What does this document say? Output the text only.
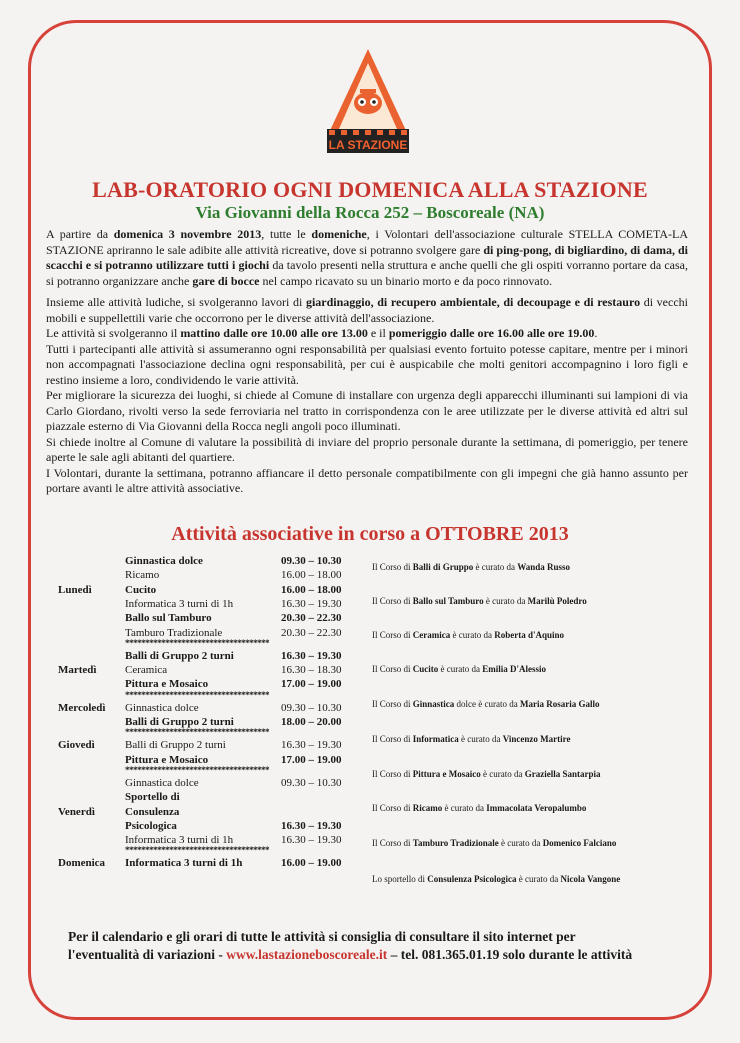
LA STAZIONE
LAB-ORATORIO OGNI DOMENICA ALLA STAZIONE
Via Giovanni della Rocca 252 – Boscoreale (NA)

A partire da domenica 3 novembre 2013, tutte le domeniche, i Volontari dell'associazione culturale STELLA COMETA-LA STAZIONE apriranno le sale adibite alle attività ricreative, dove si potranno svolgere gare di ping-pong, di bigliardino, di dama, di scacchi e si potranno utilizzare tutti i giochi da tavolo presenti nella struttura e anche quelli che gli ospiti vorranno portare da casa, si potranno organizzare anche gare di bocce nel campo ricavato su un binario morto e da poco rinnovato.

Insieme alle attività ludiche, si svolgeranno lavori di giardinaggio, di recupero ambientale, di decoupage e di restauro di vecchi mobili e suppellettili varie che occorrono per le diverse attività dell'associazione.

Le attività si svolgeranno il mattino dalle ore 10.00 alle ore 13.00 e il pomeriggio dalle ore 16.00 alle ore 19.00.

Tutti i partecipanti alle attività si assumeranno ogni responsabilità per qualsiasi evento fortuito potesse capitare, mentre per i minori non accompagnati l'associazione declina ogni responsabilità, per cui è auspicabile che molti genitori accompagnino i loro figli e restino insieme a loro, condividendo le varie attività.

Per migliorare la sicurezza dei luoghi, si chiede al Comune di installare con urgenza degli apparecchi illuminanti sui lampioni di via Carlo Giordano, rivolti verso la sede ferroviaria nel tratto in corrispondenza con le aree utilizzate per le diverse attività ed altri sul piazzale esterno di Via Giovanni della Rocca negli angoli poco illuminati.

Si chiede inoltre al Comune di valutare la possibilità di inviare del proprio personale durante la settimana, di pomeriggio, per tenere aperte le sale agli abitanti del quartiere.

I Volontari, durante la settimana, potranno affiancare il detto personale compatibilmente con gli impegni che già hanno assunto per portare avanti le altre attività associative.

Attività associative in corso a OTTOBRE 2013
Ginnastica dolce	09.30 – 10.30
Ricamo	16.00 – 18.00
Lunedì	Cucito	16.00 – 18.00
Informatica 3 turni di 1h	16.30 – 19.30
Ballo sul Tamburo	20.30 – 22.30
Tamburo Tradizionale	20.30 – 22.30
************************************
Balli di Gruppo 2 turni	16.30 – 19.30
Martedì	Ceramica	16.30 – 18.30
Pittura e Mosaico	17.00 – 19.00
************************************
Mercoledì	Ginnastica dolce	09.30 – 10.30
Balli di Gruppo 2 turni	18.00 – 20.00
************************************
Giovedì	Balli di Gruppo 2 turni	16.30 – 19.30
Pittura e Mosaico	17.00 – 19.00
************************************
Ginnastica dolce	09.30 – 10.30
Sportello di
Venerdì	Consulenza
Psicologica	16.30 – 19.30
Informatica 3 turni di 1h	16.30 – 19.30
************************************
Domenica	Informatica 3 turni di 1h	16.00 – 19.00
Il Corso di Balli di Gruppo è curato da Wanda Russo
Il Corso di Ballo sul Tamburo è curato da Marilù Poledro
Il Corso di Ceramica è curato da Roberta d'Aquino
Il Corso di Cucito è curato da Emilia D'Alessio
Il Corso di Ginnastica dolce è curato da Maria Rosaria Gallo
Il Corso di Informatica è curato da Vincenzo Martire
Il Corso di Pittura e Mosaico è curato da Graziella Santarpia
Il Corso di Ricamo è curato da Immacolata Veropalumbo
Il Corso di Tamburo Tradizionale è curato da Domenico Falciano
Lo sportello di Consulenza Psicologica è curato da Nicola Vangone
Per il calendario e gli orari di tutte le attività si consiglia di consultare il sito internet per l'eventualità di variazioni - www.lastazioneboscoreale.it – tel. 081.365.01.19 solo durante le attività
